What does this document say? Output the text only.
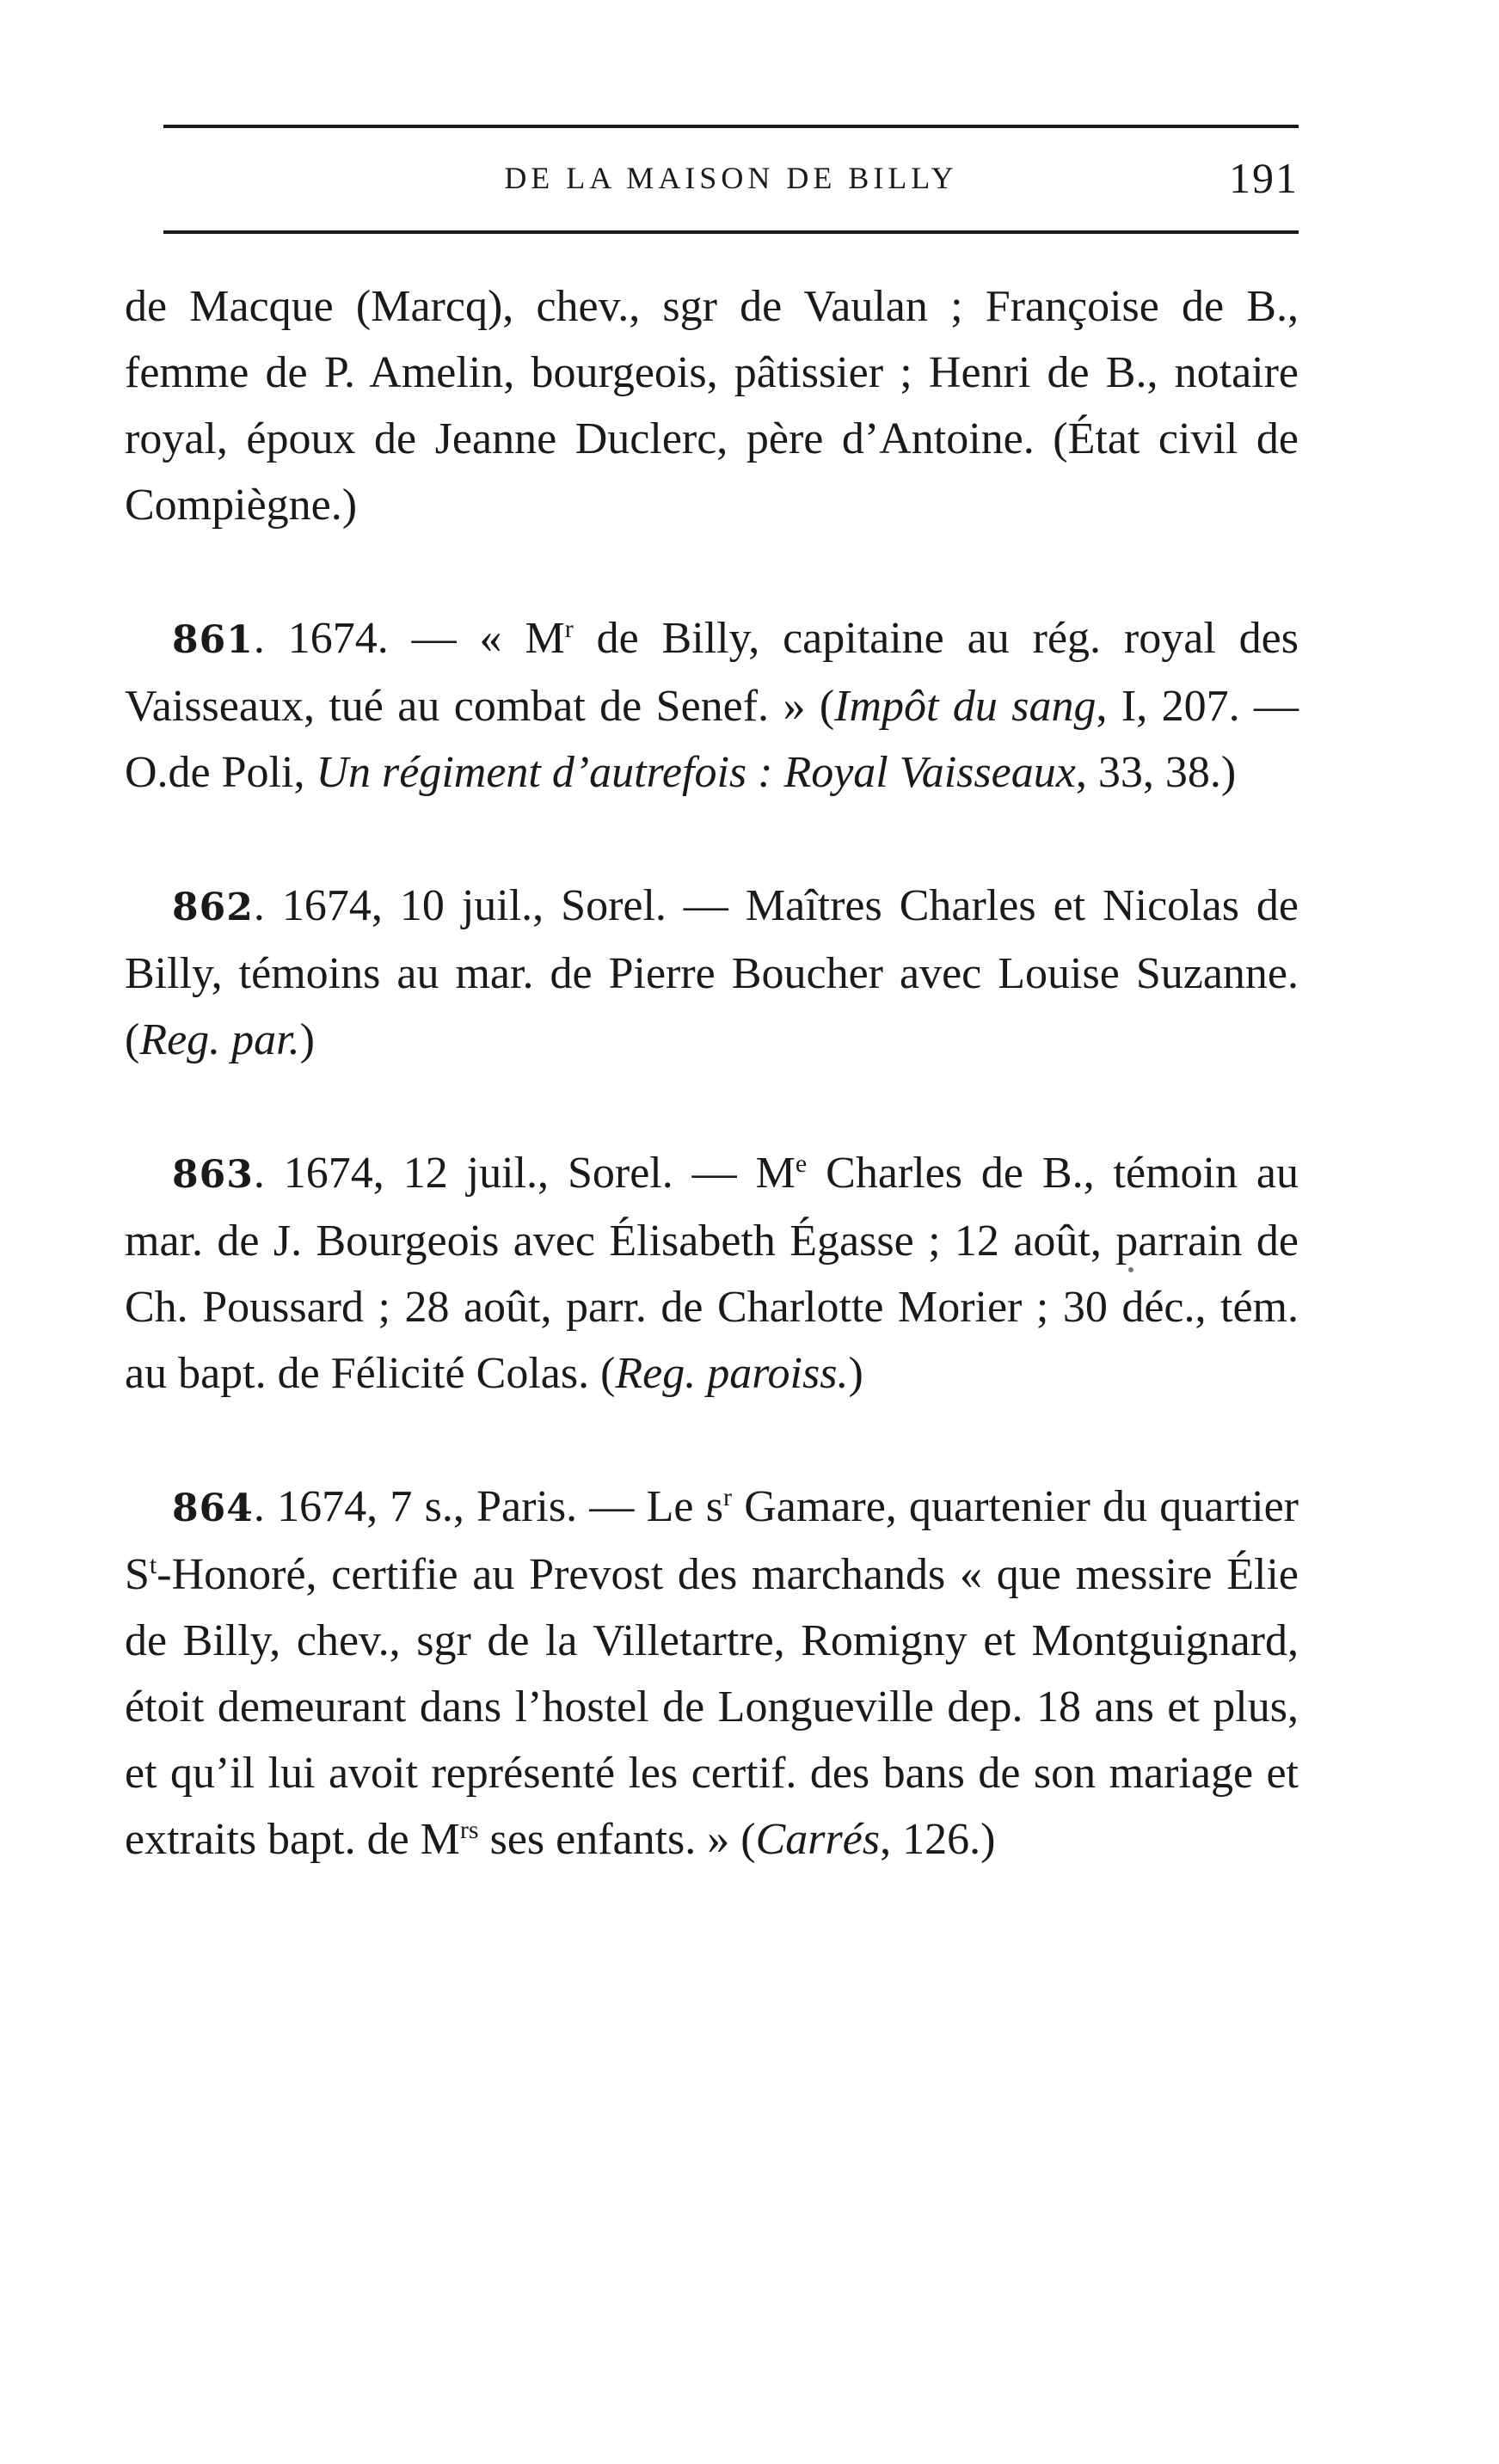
DE LA MAISON DE BILLY	191

de Macque (Marcq), chev., sgr de Vaulan ; Françoise de B., femme de P. Amelin, bourgeois, pâtissier ; Henri de B., notaire royal, époux de Jeanne Duclerc, père d’Antoine. (État civil de Compiègne.)

861. 1674. — « $M^r$ de Billy, capitaine au rég. royal des Vaisseaux, tué au combat de Senef. » (Impôt du sang, I, 207. — O.de Poli, Un régiment d’autrefois : Royal Vaisseaux, 33, 38.)

862. 1674, 10 juil., Sorel. — Maîtres Charles et Nicolas de Billy, témoins au mar. de Pierre Boucher avec Louise Suzanne. (Reg. par.)

863. 1674, 12 juil., Sorel. — Me Charles de B., témoin au mar. de J. Bourgeois avec Élisabeth Égasse ; 12 août, parrain de Ch. Poussard ; 28 août, parr. de Charlotte Morier ; 30 déc., tém. au bapt. de Félicité Colas. (Reg. paroiss.)

864. 1674, 7 s., Paris. — Le $s^r$ Gamare, quartenier du quartier $S^t$-Honoré, certifie au Prevost des marchands « que messire Élie de Billy, chev., sgr de la Villetartre, Romigny et Montguignard, étoit demeurant dans l’hostel de Longueville dep. 18 ans et plus, et qu’il lui avoit représenté les certif. des bans de son mariage et extraits bapt. de $M^{rs}$ ses enfants. » (Carrés, 126.)
